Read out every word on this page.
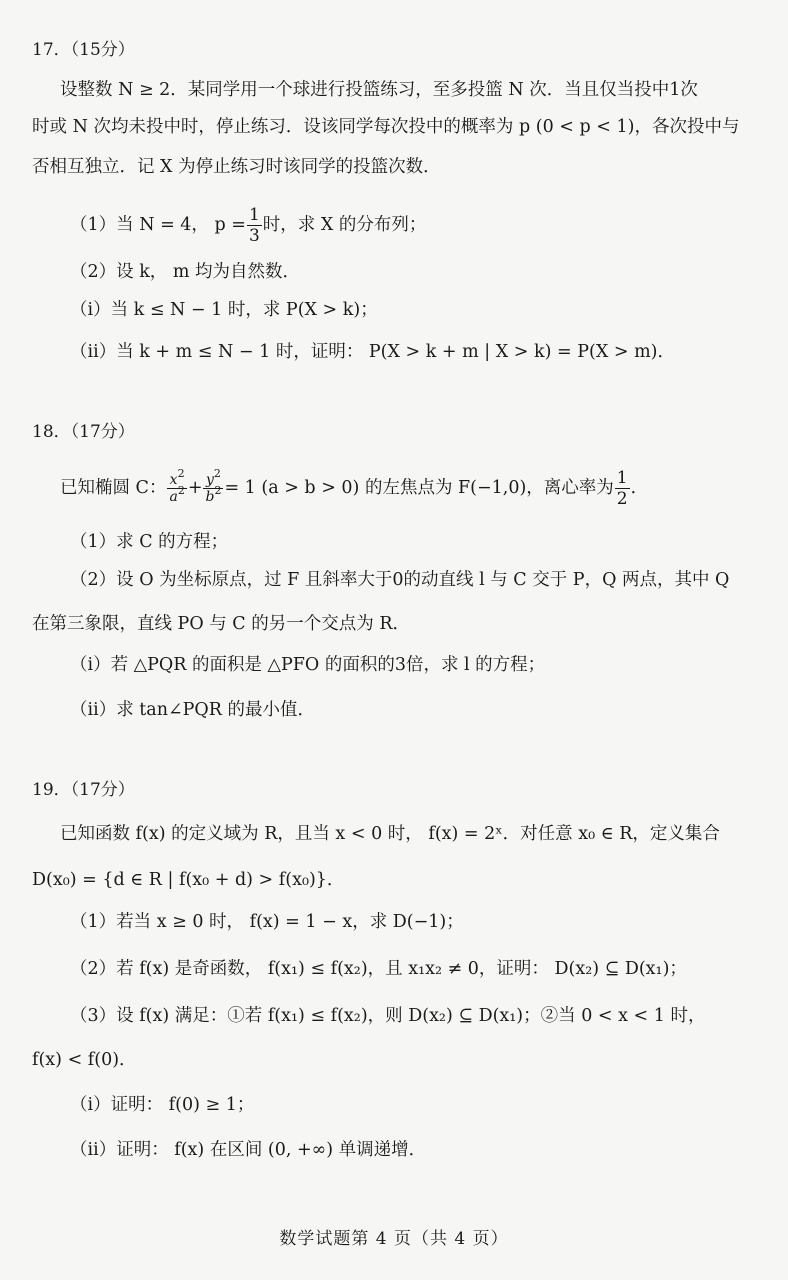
17．（15分）
设整数 N ≥ 2．某同学用一个球进行投篮练习，至多投篮 N 次．当且仅当投中1次
时或 N 次均未投中时，停止练习．设该同学每次投中的概率为 p (0 < p < 1)，各次投中与
否相互独立．记 X 为停止练习时该同学的投篮次数．
（1）当 N = 4， $p = \frac{1}{3}$ 时，求 X 的分布列；
（2）设 k， m 均为自然数．
（ⅰ）当 k ≤ N − 1 时，求 P(X > k)；
（ⅱ）当 k + m ≤ N − 1 时，证明： P(X > k + m | X > k) = P(X > m)．
18．（17分）
已知椭圆 C： $\frac{x^2}{a^2} + \frac{y^2}{b^2} = 1$ (a > b > 0) 的左焦点为 F(−1,0)，离心率为 $\frac{1}{2}$ ．
（1）求 C 的方程；
（2）设 O 为坐标原点，过 F 且斜率大于0的动直线 l 与 C 交于 P，Q 两点，其中 Q
在第三象限，直线 PO 与 C 的另一个交点为 R．
（ⅰ）若 △PQR 的面积是 △PFO 的面积的3倍，求 l 的方程；
（ⅱ）求 tan∠PQR 的最小值．
19．（17分）
已知函数 f(x) 的定义域为 R，且当 x < 0 时， f(x) = 2ˣ．对任意 x₀ ∈ R，定义集合
D(x₀) = {d ∈ R | f(x₀ + d) > f(x₀)}．
（1）若当 x ≥ 0 时， f(x) = 1 − x，求 D(−1)；
（2）若 f(x) 是奇函数， f(x₁) ≤ f(x₂)，且 x₁x₂ ≠ 0，证明： D(x₂) ⊆ D(x₁)；
（3）设 f(x) 满足：①若 f(x₁) ≤ f(x₂)，则 D(x₂) ⊆ D(x₁)；②当 0 < x < 1 时，
f(x) < f(0)．
（ⅰ）证明： f(0) ≥ 1；
（ⅱ）证明： f(x) 在区间 (0, +∞) 单调递增．
数学试题第 4 页（共 4 页）
